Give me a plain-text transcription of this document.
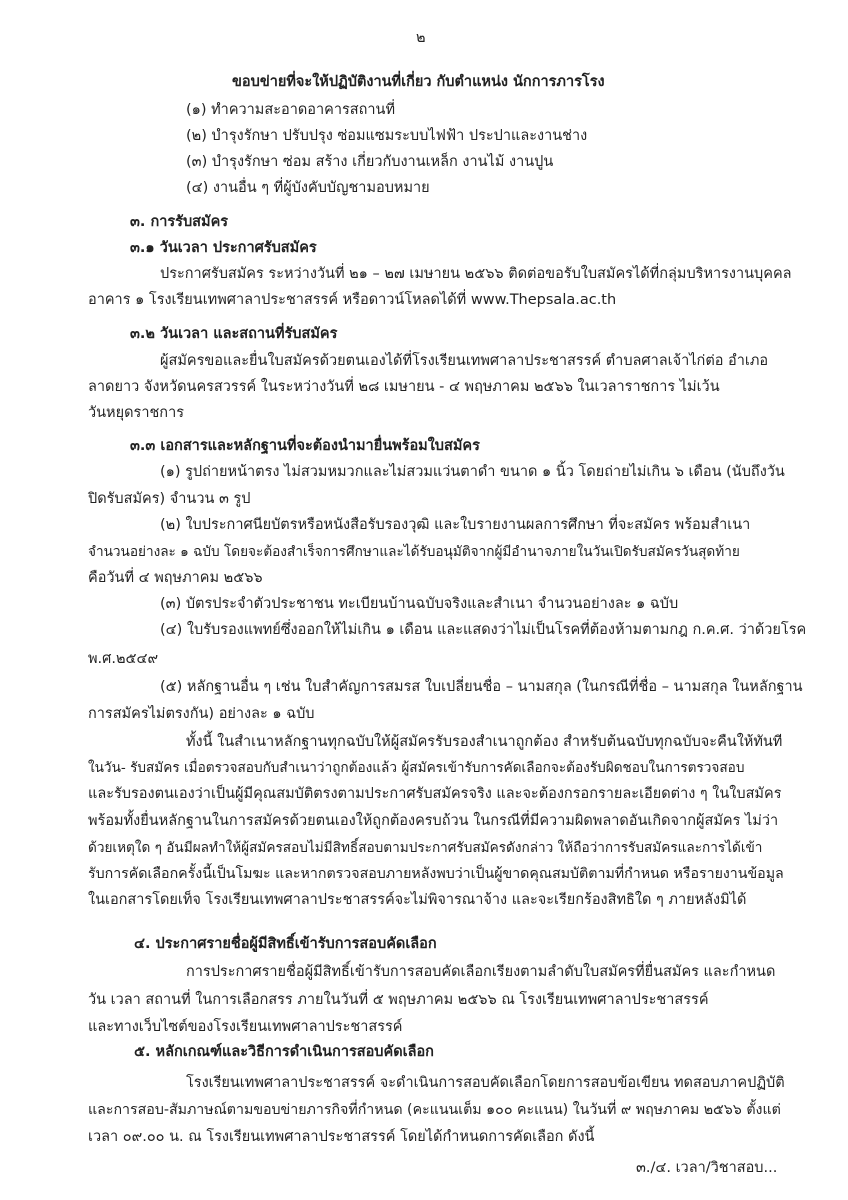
๒
ขอบข่ายที่จะให้ปฏิบัติงานที่เกี่ยว กับตำแหน่ง นักการภารโรง
(๑) ทำความสะอาดอาคารสถานที่
(๒) บำรุงรักษา ปรับปรุง ซ่อมแซมระบบไฟฟ้า ประปาและงานช่าง
(๓) บำรุงรักษา ซ่อม สร้าง เกี่ยวกับงานเหล็ก งานไม้ งานปูน
(๔) งานอื่น ๆ ที่ผู้บังคับบัญชามอบหมาย
๓. การรับสมัคร
๓.๑ วันเวลา ประกาศรับสมัคร
ประกาศรับสมัคร ระหว่างวันที่ ๒๑ – ๒๗ เมษายน ๒๕๖๖ ติดต่อขอรับใบสมัครได้ที่กลุ่มบริหารงานบุคคล
อาคาร ๑ โรงเรียนเทพศาลาประชาสรรค์ หรือดาวน์โหลดได้ที่ www.Thepsala.ac.th
๓.๒ วันเวลา และสถานที่รับสมัคร
ผู้สมัครขอและยื่นใบสมัครด้วยตนเองได้ที่โรงเรียนเทพศาลาประชาสรรค์ ตำบลศาลเจ้าไก่ต่อ อำเภอ
ลาดยาว จังหวัดนครสวรรค์ ในระหว่างวันที่ ๒๘ เมษายน - ๔ พฤษภาคม ๒๕๖๖ ในเวลาราชการ ไม่เว้น
วันหยุดราชการ
๓.๓ เอกสารและหลักฐานที่จะต้องนำมายื่นพร้อมใบสมัคร
(๑) รูปถ่ายหน้าตรง ไม่สวมหมวกและไม่สวมแว่นตาดำ ขนาด ๑ นิ้ว โดยถ่ายไม่เกิน ๖ เดือน (นับถึงวัน
ปิดรับสมัคร) จำนวน ๓ รูป
(๒) ใบประกาศนียบัตรหรือหนังสือรับรองวุฒิ และใบรายงานผลการศึกษา ที่จะสมัคร พร้อมสำเนา
จำนวนอย่างละ ๑ ฉบับ โดยจะต้องสำเร็จการศึกษาและได้รับอนุมัติจากผู้มีอำนาจภายในวันเปิดรับสมัครวันสุดท้าย
คือวันที่ ๔ พฤษภาคม ๒๕๖๖
(๓) บัตรประจำตัวประชาชน ทะเบียนบ้านฉบับจริงและสำเนา จำนวนอย่างละ ๑ ฉบับ
(๔) ใบรับรองแพทย์ซึ่งออกให้ไม่เกิน ๑ เดือน และแสดงว่าไม่เป็นโรคที่ต้องห้ามตามกฎ ก.ค.ศ. ว่าด้วยโรค
พ.ศ.๒๕๔๙
(๕) หลักฐานอื่น ๆ เช่น ใบสำคัญการสมรส ใบเปลี่ยนชื่อ – นามสกุล (ในกรณีที่ชื่อ – นามสกุล ในหลักฐาน
การสมัครไม่ตรงกัน) อย่างละ ๑ ฉบับ
ทั้งนี้ ในสำเนาหลักฐานทุกฉบับให้ผู้สมัครรับรองสำเนาถูกต้อง สำหรับต้นฉบับทุกฉบับจะคืนให้ทันที
ในวัน- รับสมัคร เมื่อตรวจสอบกับสำเนาว่าถูกต้องแล้ว ผู้สมัครเข้ารับการคัดเลือกจะต้องรับผิดชอบในการตรวจสอบ
และรับรองตนเองว่าเป็นผู้มีคุณสมบัติตรงตามประกาศรับสมัครจริง และจะต้องกรอกรายละเอียดต่าง ๆ ในใบสมัคร
พร้อมทั้งยื่นหลักฐานในการสมัครด้วยตนเองให้ถูกต้องครบถ้วน ในกรณีที่มีความผิดพลาดอันเกิดจากผู้สมัคร ไม่ว่า
ด้วยเหตุใด ๆ อันมีผลทำให้ผู้สมัครสอบไม่มีสิทธิ์สอบตามประกาศรับสมัครดังกล่าว ให้ถือว่าการรับสมัครและการได้เข้า
รับการคัดเลือกครั้งนี้เป็นโมฆะ และหากตรวจสอบภายหลังพบว่าเป็นผู้ขาดคุณสมบัติตามที่กำหนด หรือรายงานข้อมูล
ในเอกสารโดยเท็จ โรงเรียนเทพศาลาประชาสรรค์จะไม่พิจารณาจ้าง และจะเรียกร้องสิทธิใด ๆ ภายหลังมิได้
๔. ประกาศรายชื่อผู้มีสิทธิ์เข้ารับการสอบคัดเลือก
การประกาศรายชื่อผู้มีสิทธิ์เข้ารับการสอบคัดเลือกเรียงตามลำดับใบสมัครที่ยื่นสมัคร และกำหนด
วัน เวลา สถานที่ ในการเลือกสรร ภายในวันที่ ๕ พฤษภาคม ๒๕๖๖ ณ โรงเรียนเทพศาลาประชาสรรค์
และทางเว็บไซต์ของโรงเรียนเทพศาลาประชาสรรค์
๕. หลักเกณฑ์และวิธีการดำเนินการสอบคัดเลือก
โรงเรียนเทพศาลาประชาสรรค์ จะดำเนินการสอบคัดเลือกโดยการสอบข้อเขียน ทดสอบภาคปฏิบัติ
และการสอบ-สัมภาษณ์ตามขอบข่ายภารกิจที่กำหนด (คะแนนเต็ม ๑๐๐ คะแนน) ในวันที่ ๙ พฤษภาคม ๒๕๖๖ ตั้งแต่
เวลา ๐๙.๐๐ น. ณ โรงเรียนเทพศาลาประชาสรรค์ โดยได้กำหนดการคัดเลือก ดังนี้
๓./๔. เวลา/วิชาสอบ...
